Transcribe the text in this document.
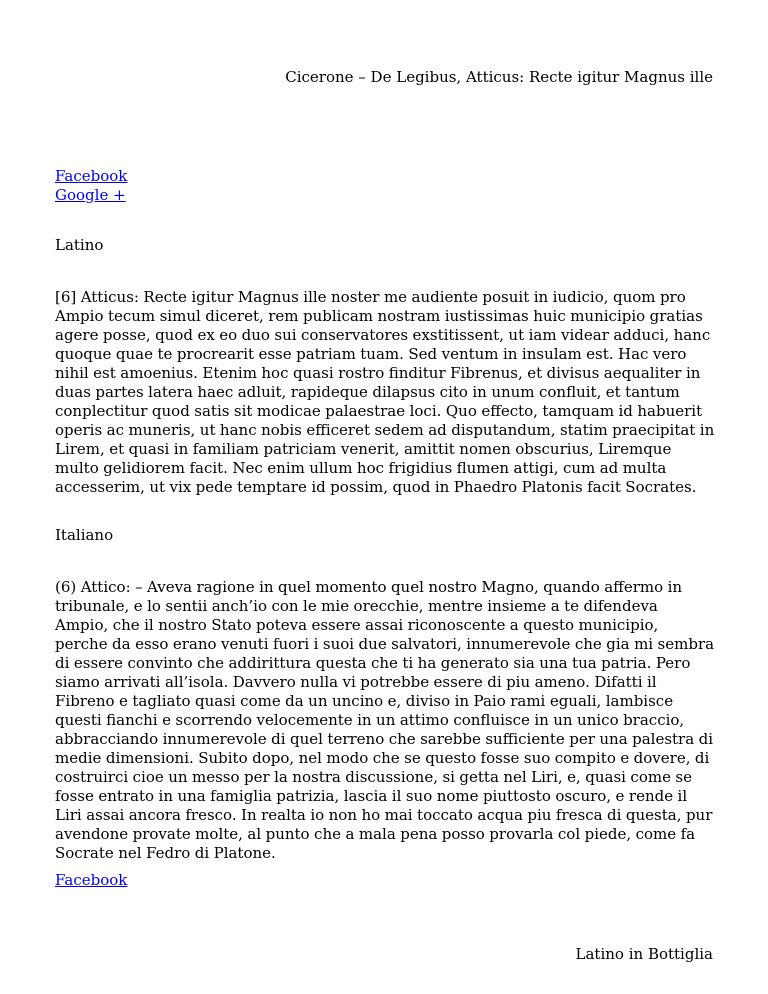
Cicerone – De Legibus, Atticus: Recte igitur Magnus ille
Facebook
Google +

Latino

[6] Atticus: Recte igitur Magnus ille noster me audiente posuit in iudicio, quom pro Ampio tecum simul diceret, rem publicam nostram iustissimas huic municipio gratias agere posse, quod ex eo duo sui conservatores exstitissent, ut iam videar adduci, hanc quoque quae te procrearit esse patriam tuam. Sed ventum in insulam est. Hac vero nihil est amoenius. Etenim hoc quasi rostro finditur Fibrenus, et divisus aequaliter in duas partes latera haec adluit, rapideque dilapsus cito in unum confluit, et tantum conplectitur quod satis sit modicae palaestrae loci. Quo effecto, tamquam id habuerit operis ac muneris, ut hanc nobis efficeret sedem ad disputandum, statim praecipitat in Lirem, et quasi in familiam patriciam venerit, amittit nomen obscurius, Liremque multo gelidiorem facit. Nec enim ullum hoc frigidius flumen attigi, cum ad multa accesserim, ut vix pede temptare id possim, quod in Phaedro Platonis facit Socrates.

Italiano

(6) Attico: – Aveva ragione in quel momento quel nostro Magno, quando affermo in tribunale, e lo sentii anch’io con le mie orecchie, mentre insieme a te difendeva Ampio, che il nostro Stato poteva essere assai riconoscente a questo municipio, perche da esso erano venuti fuori i suoi due salvatori, innumerevole che gia mi sembra di essere convinto che addirittura questa che ti ha generato sia una tua patria. Pero siamo arrivati all’isola. Davvero nulla vi potrebbe essere di piu ameno. Difatti il Fibreno e tagliato quasi come da un uncino e, diviso in Paio rami eguali, lambisce questi fianchi e scorrendo velocemente in un attimo confluisce in un unico braccio, abbracciando innumerevole di quel terreno che sarebbe sufficiente per una palestra di medie dimensioni. Subito dopo, nel modo che se questo fosse suo compito e dovere, di costruirci cioe un messo per la nostra discussione, si getta nel Liri, e, quasi come se fosse entrato in una famiglia patrizia, lascia il suo nome piuttosto oscuro, e rende il Liri assai ancora fresco. In realta io non ho mai toccato acqua piu fresca di questa, pur avendone provate molte, al punto che a mala pena posso provarla col piede, come fa Socrate nel Fedro di Platone.

Facebook

Latino in Bottiglia
